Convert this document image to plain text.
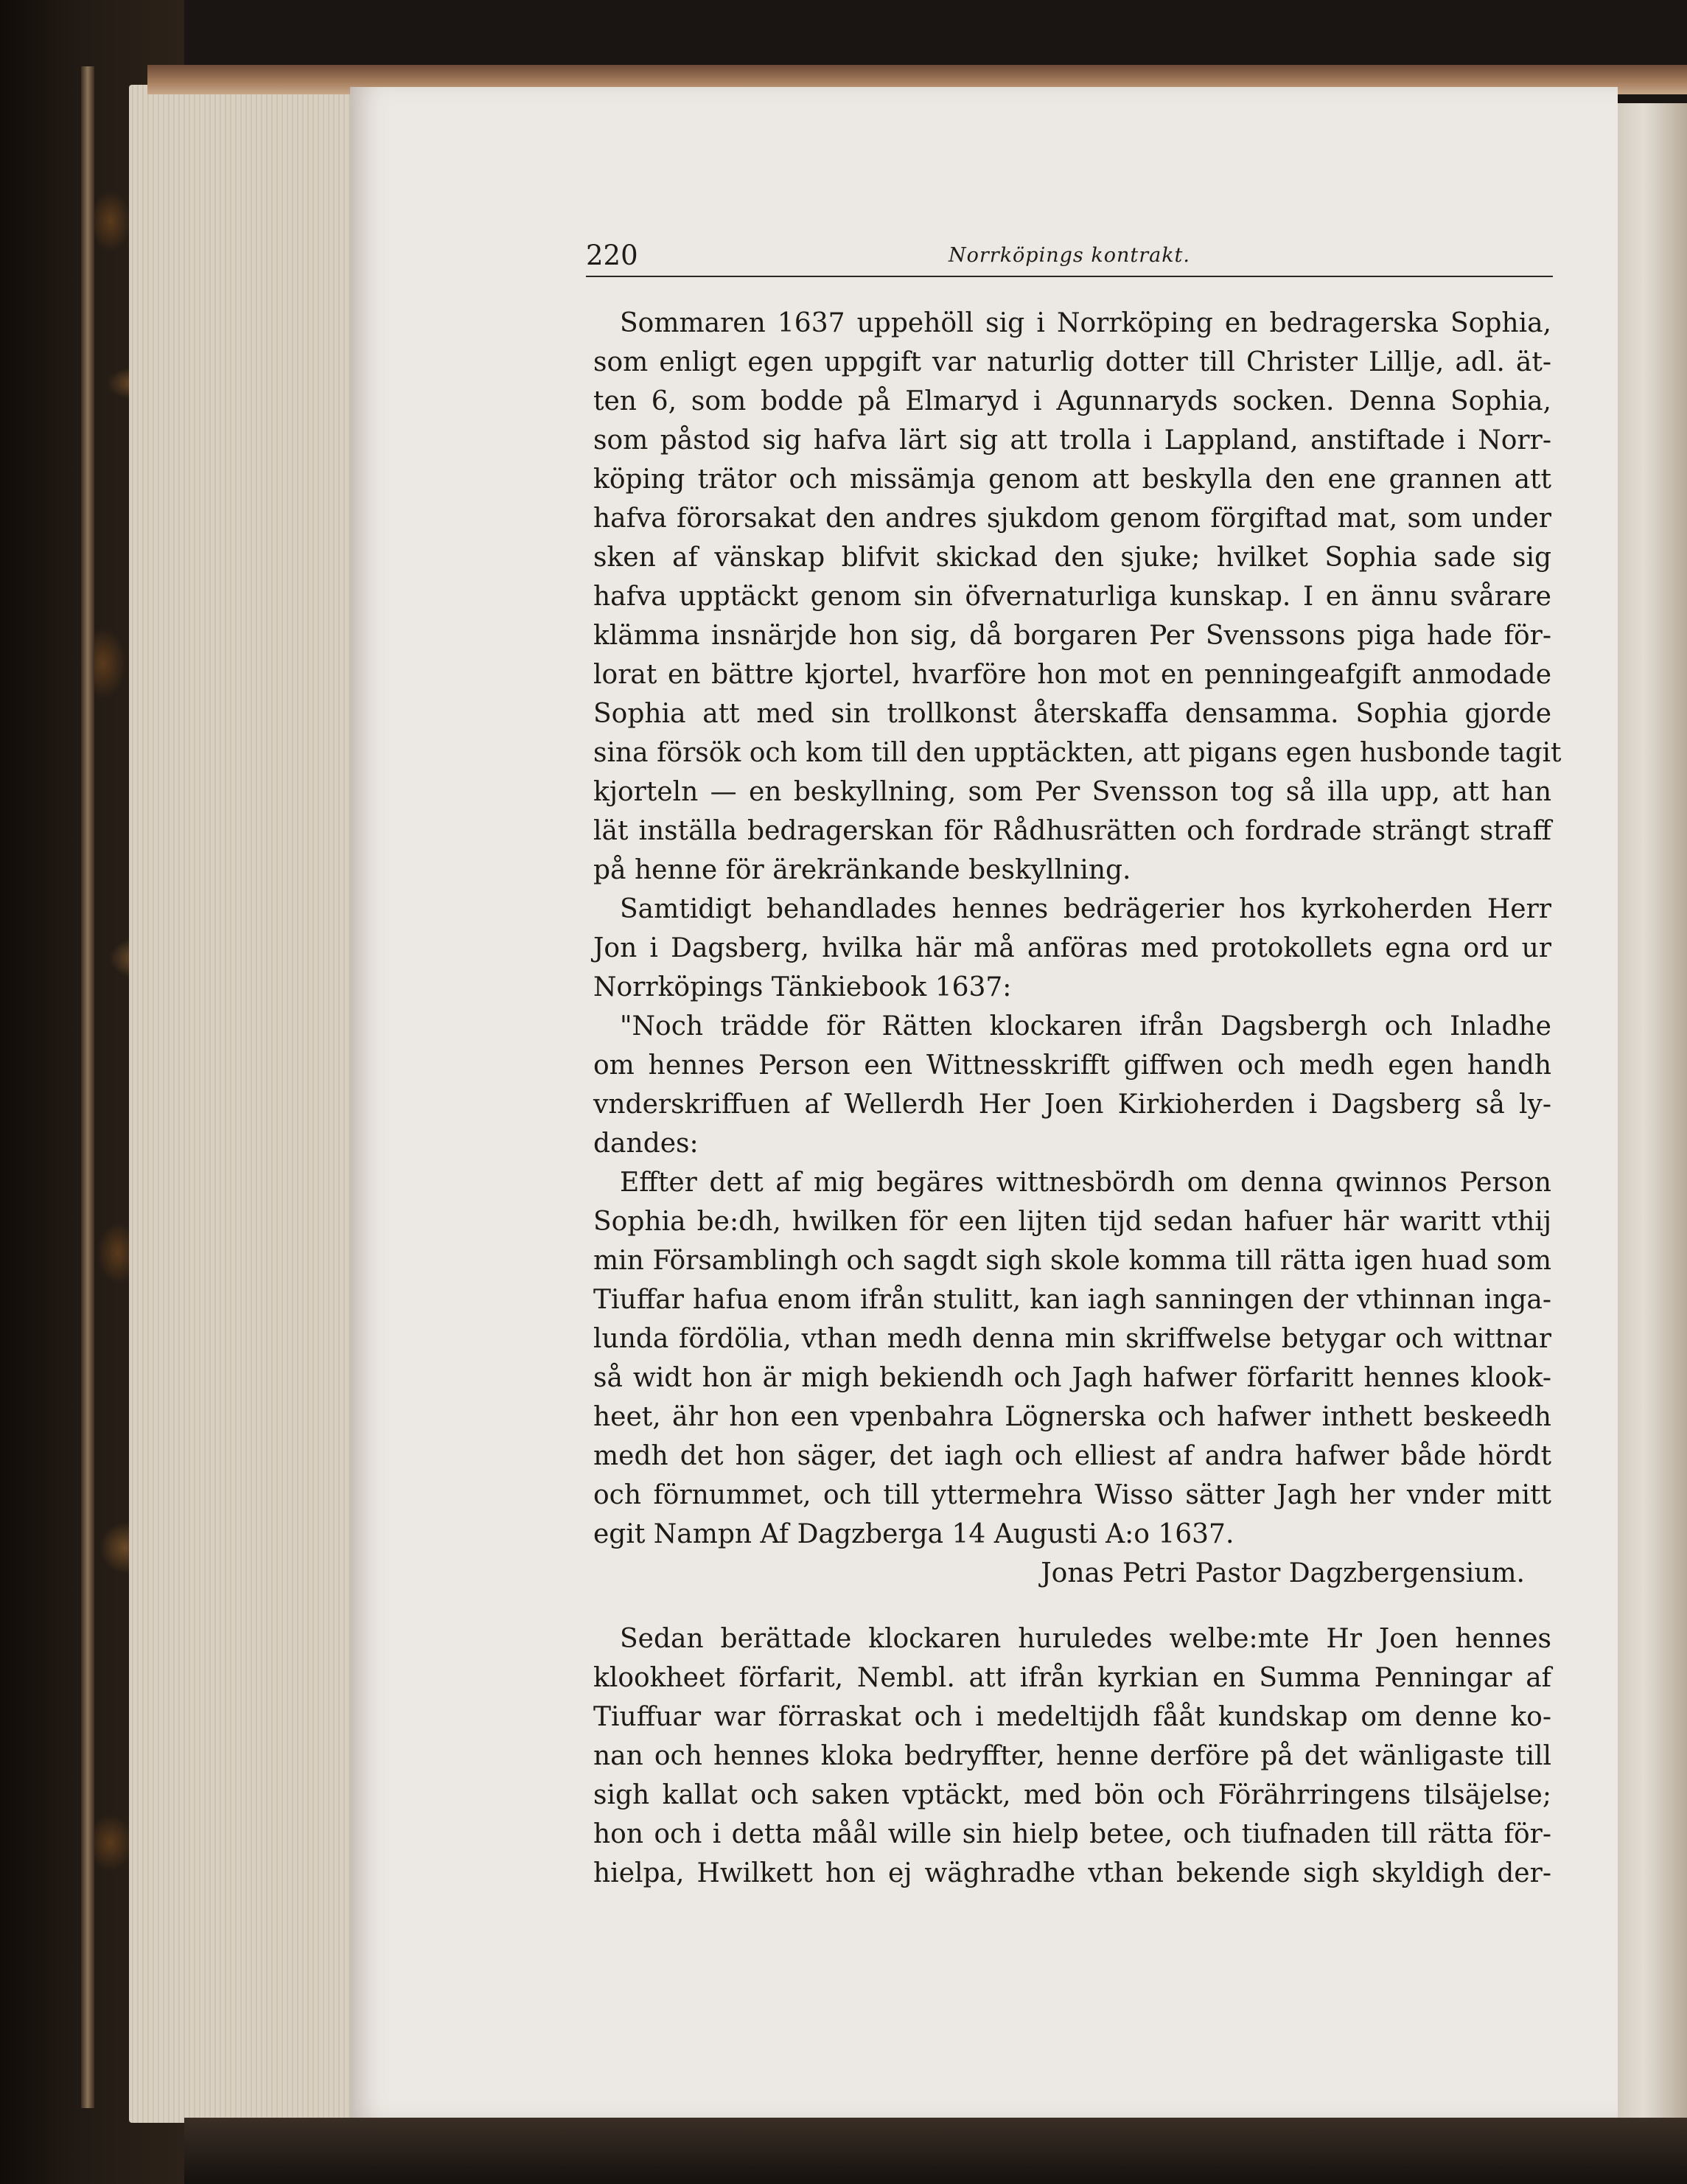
220	Norrköpings kontrakt.
 Sommaren 1637 uppehöll sig i Norrköping en bedragerska Sophia,
som enligt egen uppgift var naturlig dotter till Christer Lillje, adl. ät-
ten 6, som bodde på Elmaryd i Agunnaryds socken. Denna Sophia,
som påstod sig hafva lärt sig att trolla i Lappland, anstiftade i Norr-
köping trätor och missämja genom att beskylla den ene grannen att
hafva förorsakat den andres sjukdom genom förgiftad mat, som under
sken af vänskap blifvit skickad den sjuke; hvilket Sophia sade sig
hafva upptäckt genom sin öfvernaturliga kunskap. I en ännu svårare
klämma insnärjde hon sig, då borgaren Per Svenssons piga hade för-
lorat en bättre kjortel, hvarföre hon mot en penningeafgift anmodade
Sophia att med sin trollkonst återskaffa densamma. Sophia gjorde
sina försök och kom till den upptäckten, att pigans egen husbonde tagit
kjorteln — en beskyllning, som Per Svensson tog så illa upp, att han
lät inställa bedragerskan för Rådhusrätten och fordrade strängt straff
på henne för ärekränkande beskyllning.
 Samtidigt behandlades hennes bedrägerier hos kyrkoherden Herr
Jon i Dagsberg, hvilka här må anföras med protokollets egna ord ur
Norrköpings Tänkiebook 1637:
 "Noch trädde för Rätten klockaren ifrån Dagsbergh och Inladhe
om hennes Person een Wittnesskrifft giffwen och medh egen handh
vnderskriffuen af Wellerdh Her Joen Kirkioherden i Dagsberg så ly-
dandes:
 Effter dett af mig begäres wittnesbördh om denna qwinnos Person
Sophia be:dh, hwilken för een lijten tijd sedan hafuer här waritt vthij
min Församblingh och sagdt sigh skole komma till rätta igen huad som
Tiuffar hafua enom ifrån stulitt, kan iagh sanningen der vthinnan inga-
lunda fördölia, vthan medh denna min skriffwelse betygar och wittnar
så widt hon är migh bekiendh och Jagh hafwer förfaritt hennes klook-
heet, ähr hon een vpenbahra Lögnerska och hafwer inthett beskeedh
medh det hon säger, det iagh och elliest af andra hafwer både hördt
och förnummet, och till yttermehra Wisso sätter Jagh her vnder mitt
egit Nampn Af Dagzberga 14 Augusti A:o 1637.
Jonas Petri Pastor Dagzbergensium. 
 Sedan berättade klockaren huruledes welbe:mte Hr Joen hennes
klookheet förfarit, Nembl. att ifrån kyrkian en Summa Penningar af
Tiuffuar war förraskat och i medeltijdh fååt kundskap om denne ko-
nan och hennes kloka bedryffter, henne derföre på det wänligaste till
sigh kallat och saken vptäckt, med bön och Förährringens tilsäjelse;
hon och i detta måål wille sin hielp betee, och tiufnaden till rätta för-
hielpa, Hwilkett hon ej wäghradhe vthan bekende sigh skyldigh der-
